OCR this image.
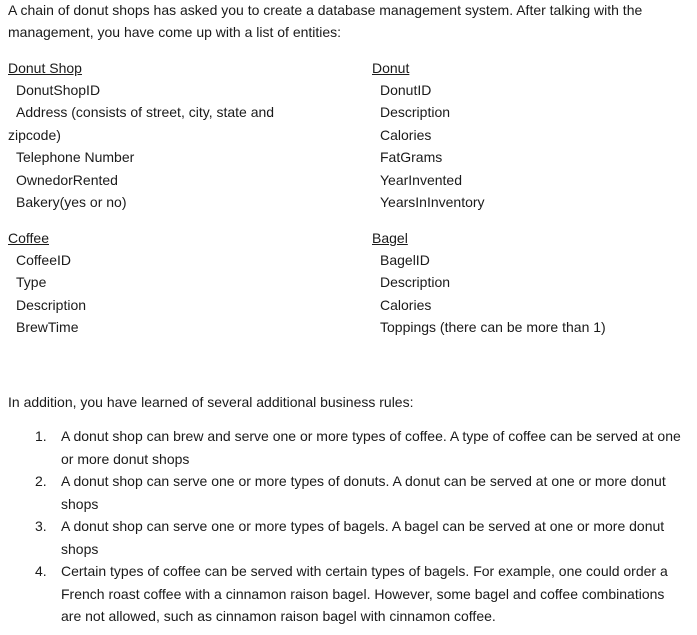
A chain of donut shops has asked you to create a database management system. After talking with the management, you have come up with a list of entities:

Donut Shop
DonutShopID
Address (consists of street, city, state and
zipcode)
Telephone Number
OwnedorRented
Bakery(yes or no)
Donut
DonutID
Description
Calories
FatGrams
YearInvented
YearsInInventory
Coffee
CoffeeID
Type
Description
BrewTime
Bagel
BagelID
Description
Calories
Toppings (there can be more than 1)

In addition, you have learned of several additional business rules:

1. A donut shop can brew and serve one or more types of coffee. A type of coffee can be served at one or more donut shops
2. A donut shop can serve one or more types of donuts. A donut can be served at one or more donut shops
3. A donut shop can serve one or more types of bagels. A bagel can be served at one or more donut shops
4. Certain types of coffee can be served with certain types of bagels. For example, one could order a French roast coffee with a cinnamon raison bagel. However, some bagel and coffee combinations are not allowed, such as cinnamon raison bagel with cinnamon coffee.
